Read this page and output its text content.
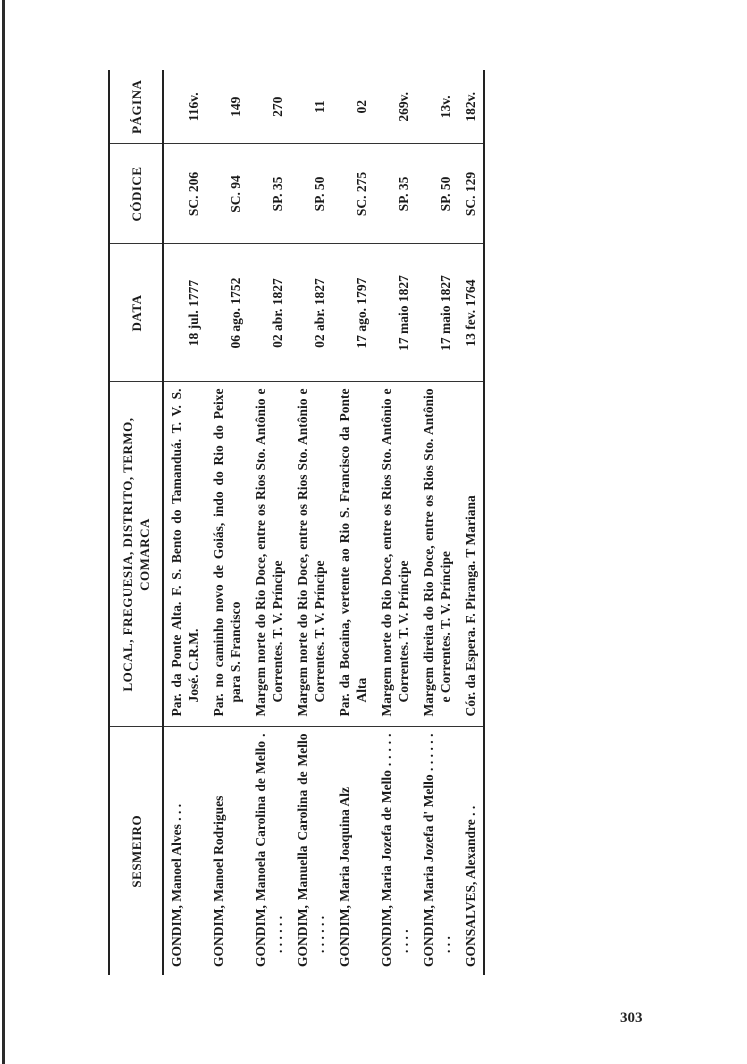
SESMEIRO	LOCAL, FREGUESIA, DISTRITO, TERMO, COMARCA	DATA	CÓDICE	PÁGINA

GONDIM, Manoel Alves . . .	Par. da Ponte Alta. F. S. Bento do Tamanduá. T. V. S. José. C.R.M.	18 jul. 1777	SC. 206	116v.

GONDIM, Manoel Rodrigues	Par. no caminho novo de Goiás, indo do Rio do Peixe para S. Francisco	06 ago. 1752	SC. 94	149

GONDIM, Manoela Carolina de Mello . . . . . . .	Margem norte do Rio Doce, entre os Rios Sto. Antônio e Correntes. T. V. Príncipe	02 abr. 1827	SP. 35	270

GONDIM, Manuella Carolina de Mello . . . . . .	Margem norte do Rio Doce, entre os Rios Sto. Antônio e Correntes. T. V. Príncipe	02 abr. 1827	SP. 50	11

GONDIM, Maria Joaquina Alz	Par. da Bocaina, vertente ao Rio S. Francisco da Ponte Alta	17 ago. 1797	SC. 275	02

GONDIM, Maria Jozefa de Mello . . . . . . . . .	Margem norte do Rio Doce, entre os Rios Sto. Antônio e Correntes. T. V. Príncipe	17 maio 1827	SP. 35	269v.

GONDIM, Maria Jozefa d' Mello . . . . . . . . .	Margem direita do Rio Doce, entre os Rios Sto. Antônio e Correntes. T. V. Príncipe	17 maio 1827	SP. 50	13v.

GONSALVES, Alexandre . .	Cór. da Espera. F. Piranga. T Mariana	13 fev. 1764	SC. 129	182v.
303
